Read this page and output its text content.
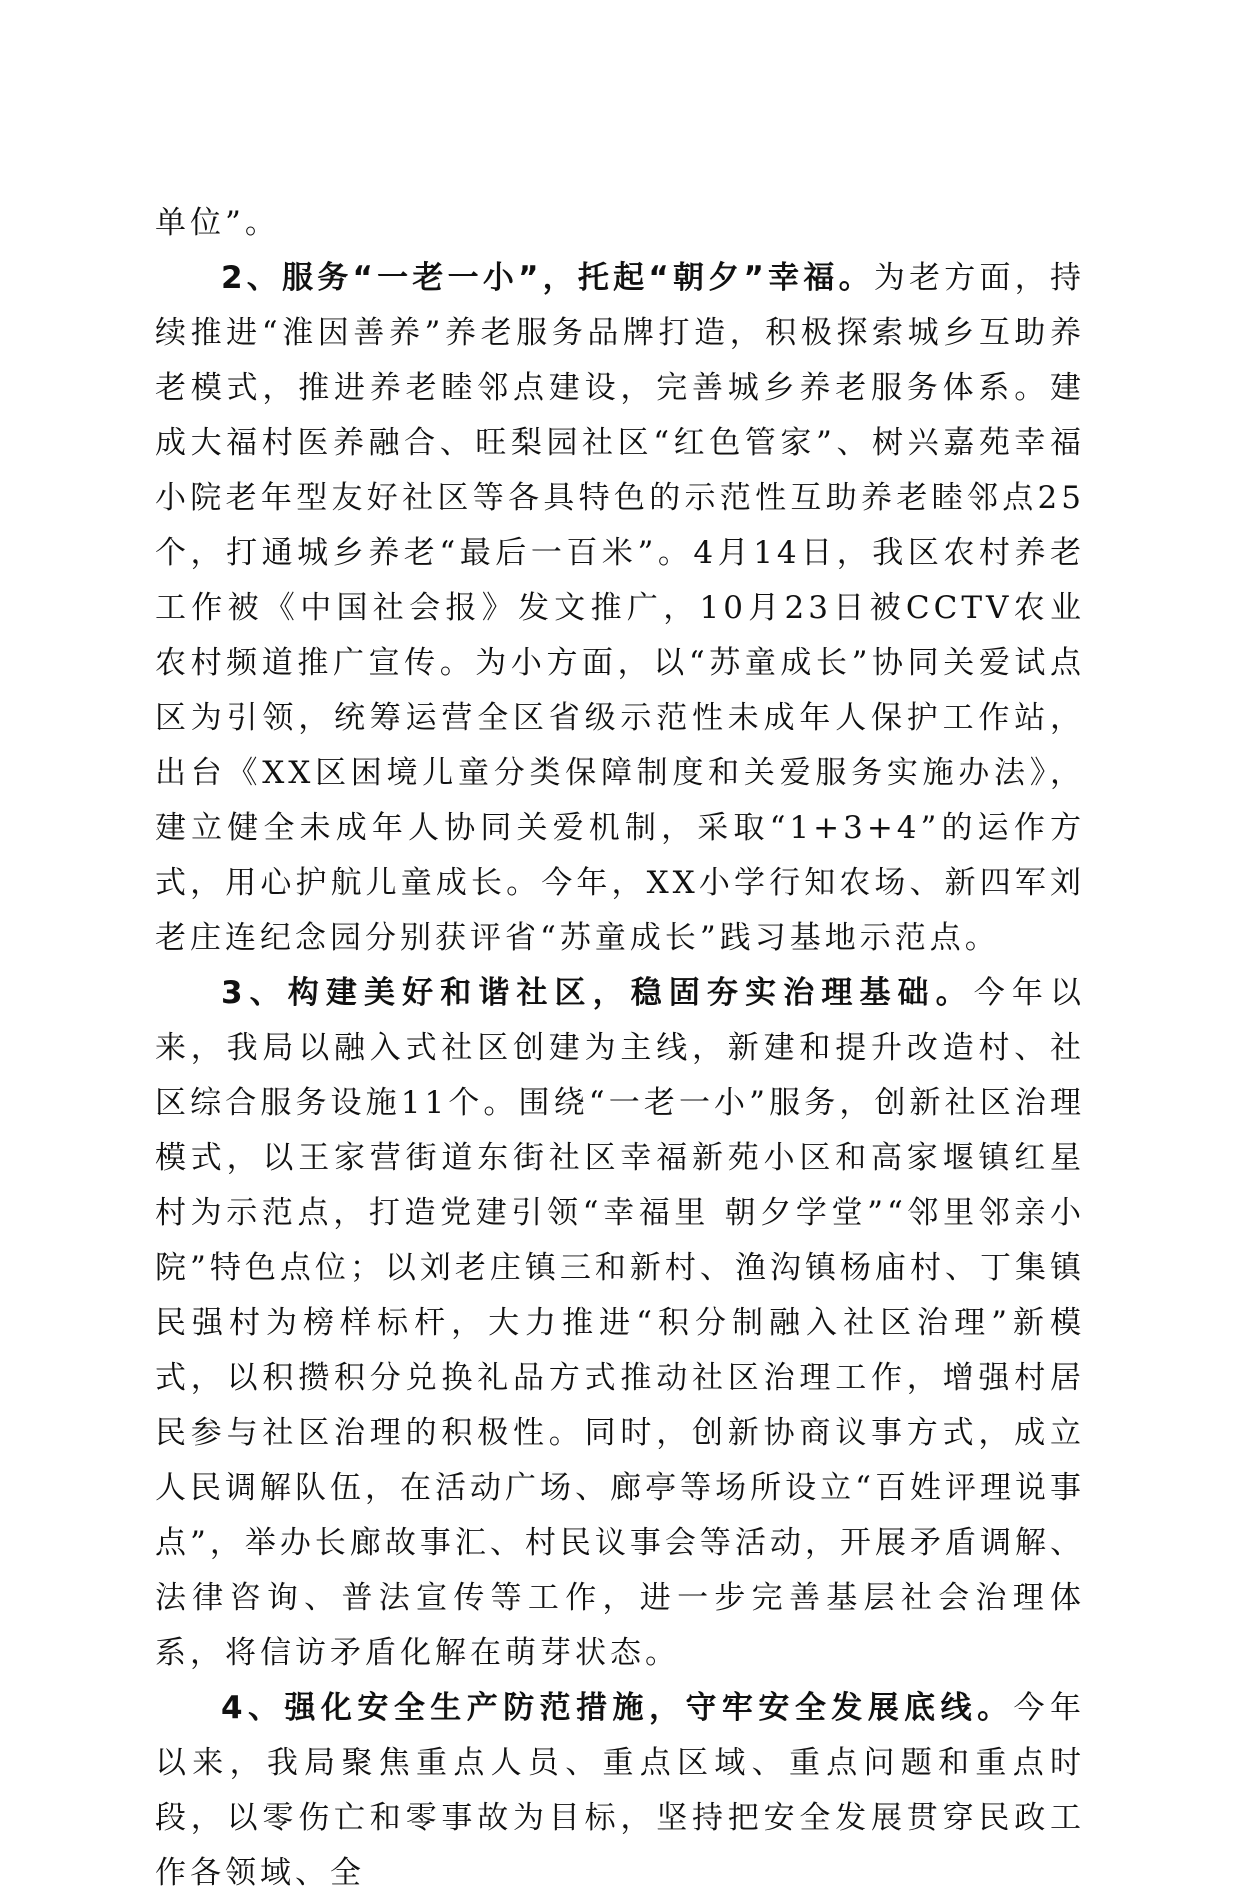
单位”。

2、服务“一老一小”，托起“朝夕”幸福。为老方面，持续推进“淮因善养”养老服务品牌打造，积极探索城乡互助养老模式，推进养老睦邻点建设，完善城乡养老服务体系。建成大福村医养融合、旺梨园社区“红色管家”、树兴嘉苑幸福小院老年型友好社区等各具特色的示范性互助养老睦邻点25个，打通城乡养老“最后一百米”。4月14日，我区农村养老工作被《中国社会报》发文推广，10月23日被CCTV农业农村频道推广宣传。为小方面，以“苏童成长”协同关爱试点区为引领，统筹运营全区省级示范性未成年人保护工作站，出台《XX区困境儿童分类保障制度和关爱服务实施办法》，建立健全未成年人协同关爱机制，采取“1+3+4”的运作方式，用心护航儿童成长。今年，XX小学行知农场、新四军刘老庄连纪念园分别获评省“苏童成长”践习基地示范点。

3、构建美好和谐社区，稳固夯实治理基础。今年以来，我局以融入式社区创建为主线，新建和提升改造村、社区综合服务设施11个。围绕“一老一小”服务，创新社区治理模式，以王家营街道东街社区幸福新苑小区和高家堰镇红星村为示范点，打造党建引领“幸福里 朝夕学堂”“邻里邻亲小院”特色点位；以刘老庄镇三和新村、渔沟镇杨庙村、丁集镇民强村为榜样标杆，大力推进“积分制融入社区治理”新模式，以积攒积分兑换礼品方式推动社区治理工作，增强村居民参与社区治理的积极性。同时，创新协商议事方式，成立人民调解队伍，在活动广场、廊亭等场所设立“百姓评理说事点”，举办长廊故事汇、村民议事会等活动，开展矛盾调解、法律咨询、普法宣传等工作，进一步完善基层社会治理体系，将信访矛盾化解在萌芽状态。

4、强化安全生产防范措施，守牢安全发展底线。今年以来，我局聚焦重点人员、重点区域、重点问题和重点时段，以零伤亡和零事故为目标，坚持把安全发展贯穿民政工作各领域、全
